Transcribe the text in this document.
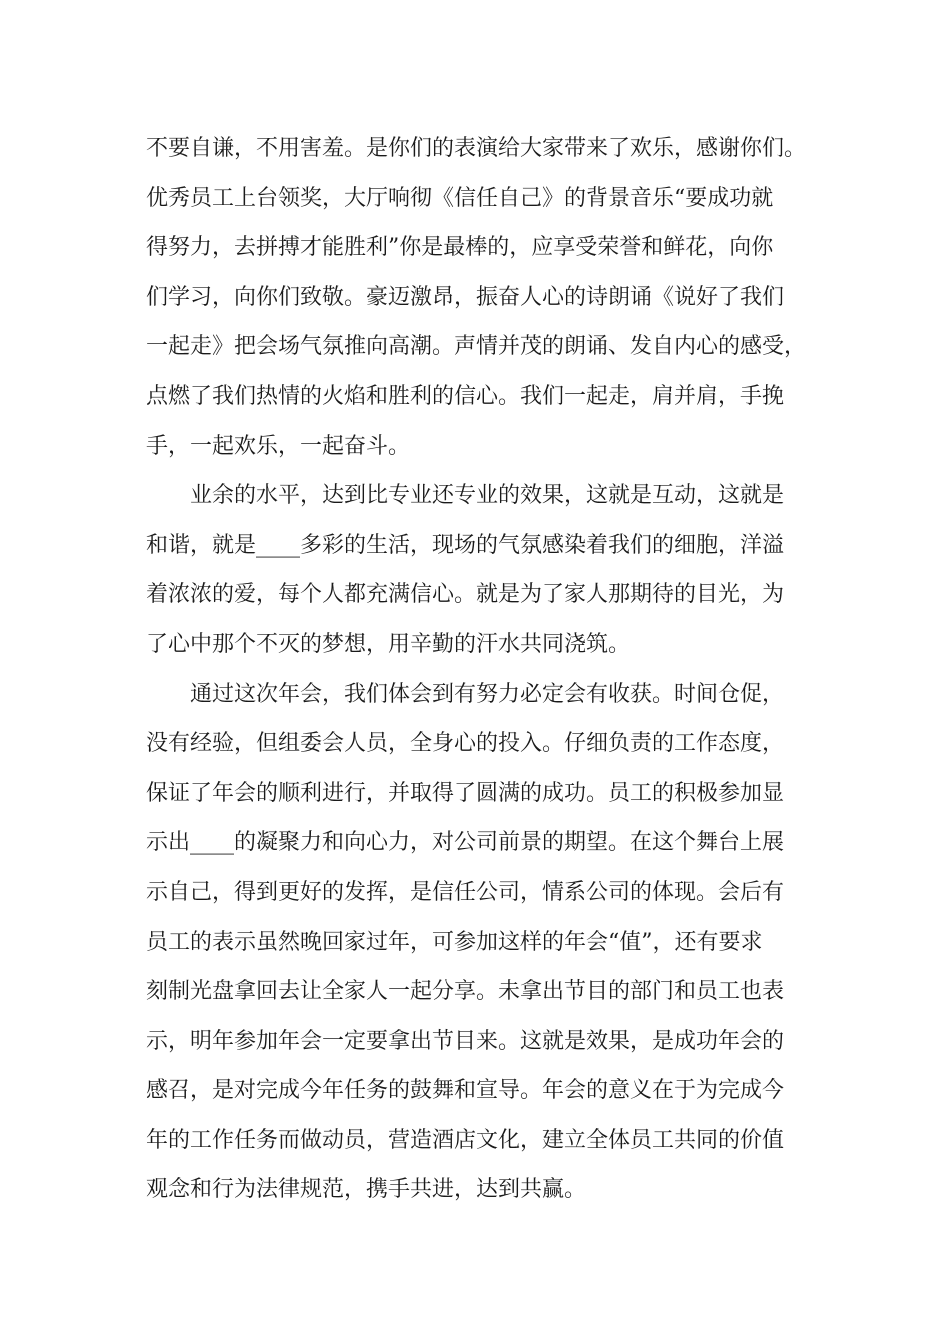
不要自谦，不用害羞。是你们的表演给大家带来了欢乐，感谢你们。
优秀员工上台领奖，大厅响彻《信任自己》的背景音乐“要成功就
得努力，去拼搏才能胜利”你是最棒的，应享受荣誉和鲜花，向你
们学习，向你们致敬。豪迈激昂，振奋人心的诗朗诵《说好了我们
一起走》把会场气氛推向高潮。声情并茂的朗诵、发自内心的感受，
点燃了我们热情的火焰和胜利的信心。我们一起走，肩并肩，手挽
手，一起欢乐，一起奋斗。
业余的水平，达到比专业还专业的效果，这就是互动，这就是
和谐，就是____多彩的生活，现场的气氛感染着我们的细胞，洋溢
着浓浓的爱，每个人都充满信心。就是为了家人那期待的目光，为
了心中那个不灭的梦想，用辛勤的汗水共同浇筑。
通过这次年会，我们体会到有努力必定会有收获。时间仓促，
没有经验，但组委会人员，全身心的投入。仔细负责的工作态度，
保证了年会的顺利进行，并取得了圆满的成功。员工的积极参加显
示出____的凝聚力和向心力，对公司前景的期望。在这个舞台上展
示自己，得到更好的发挥，是信任公司，情系公司的体现。会后有
员工的表示虽然晚回家过年，可参加这样的年会“值”，还有要求
刻制光盘拿回去让全家人一起分享。未拿出节目的部门和员工也表
示，明年参加年会一定要拿出节目来。这就是效果，是成功年会的
感召，是对完成今年任务的鼓舞和宣导。年会的意义在于为完成今
年的工作任务而做动员，营造酒店文化，建立全体员工共同的价值
观念和行为法律规范，携手共进，达到共赢。
